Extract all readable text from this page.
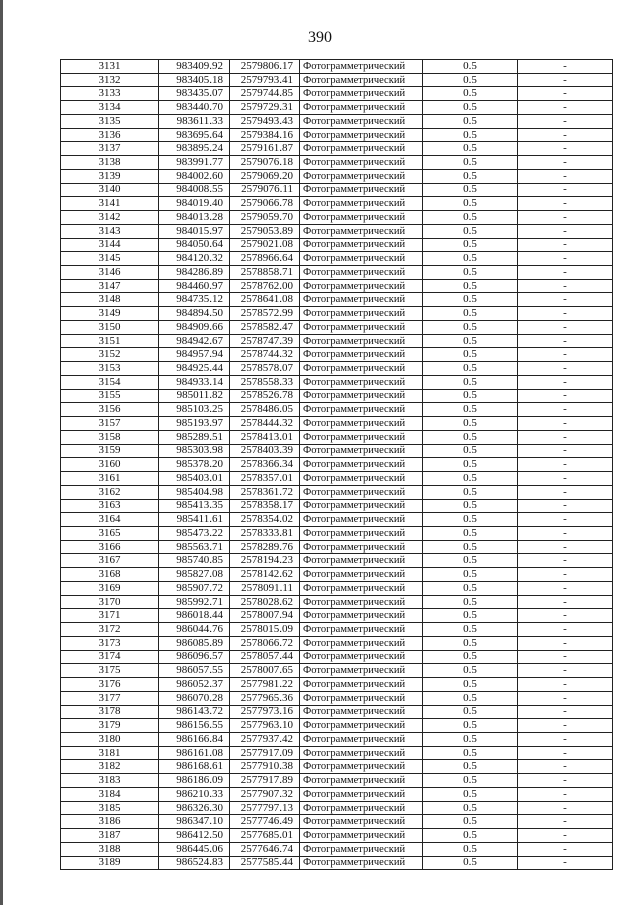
390
3131	983409.92	2579806.17	Фотограмметрический	0.5	-
3132	983405.18	2579793.41	Фотограмметрический	0.5	-
3133	983435.07	2579744.85	Фотограмметрический	0.5	-
3134	983440.70	2579729.31	Фотограмметрический	0.5	-
3135	983611.33	2579493.43	Фотограмметрический	0.5	-
3136	983695.64	2579384.16	Фотограмметрический	0.5	-
3137	983895.24	2579161.87	Фотограмметрический	0.5	-
3138	983991.77	2579076.18	Фотограмметрический	0.5	-
3139	984002.60	2579069.20	Фотограмметрический	0.5	-
3140	984008.55	2579076.11	Фотограмметрический	0.5	-
3141	984019.40	2579066.78	Фотограмметрический	0.5	-
3142	984013.28	2579059.70	Фотограмметрический	0.5	-
3143	984015.97	2579053.89	Фотограмметрический	0.5	-
3144	984050.64	2579021.08	Фотограмметрический	0.5	-
3145	984120.32	2578966.64	Фотограмметрический	0.5	-
3146	984286.89	2578858.71	Фотограмметрический	0.5	-
3147	984460.97	2578762.00	Фотограмметрический	0.5	-
3148	984735.12	2578641.08	Фотограмметрический	0.5	-
3149	984894.50	2578572.99	Фотограмметрический	0.5	-
3150	984909.66	2578582.47	Фотограмметрический	0.5	-
3151	984942.67	2578747.39	Фотограмметрический	0.5	-
3152	984957.94	2578744.32	Фотограмметрический	0.5	-
3153	984925.44	2578578.07	Фотограмметрический	0.5	-
3154	984933.14	2578558.33	Фотограмметрический	0.5	-
3155	985011.82	2578526.78	Фотограмметрический	0.5	-
3156	985103.25	2578486.05	Фотограмметрический	0.5	-
3157	985193.97	2578444.32	Фотограмметрический	0.5	-
3158	985289.51	2578413.01	Фотограмметрический	0.5	-
3159	985303.98	2578403.39	Фотограмметрический	0.5	-
3160	985378.20	2578366.34	Фотограмметрический	0.5	-
3161	985403.01	2578357.01	Фотограмметрический	0.5	-
3162	985404.98	2578361.72	Фотограмметрический	0.5	-
3163	985413.35	2578358.17	Фотограмметрический	0.5	-
3164	985411.61	2578354.02	Фотограмметрический	0.5	-
3165	985473.22	2578333.81	Фотограмметрический	0.5	-
3166	985563.71	2578289.76	Фотограмметрический	0.5	-
3167	985740.85	2578194.23	Фотограмметрический	0.5	-
3168	985827.08	2578142.62	Фотограмметрический	0.5	-
3169	985907.72	2578091.11	Фотограмметрический	0.5	-
3170	985992.71	2578028.62	Фотограмметрический	0.5	-
3171	986018.44	2578007.94	Фотограмметрический	0.5	-
3172	986044.76	2578015.09	Фотограмметрический	0.5	-
3173	986085.89	2578066.72	Фотограмметрический	0.5	-
3174	986096.57	2578057.44	Фотограмметрический	0.5	-
3175	986057.55	2578007.65	Фотограмметрический	0.5	-
3176	986052.37	2577981.22	Фотограмметрический	0.5	-
3177	986070.28	2577965.36	Фотограмметрический	0.5	-
3178	986143.72	2577973.16	Фотограмметрический	0.5	-
3179	986156.55	2577963.10	Фотограмметрический	0.5	-
3180	986166.84	2577937.42	Фотограмметрический	0.5	-
3181	986161.08	2577917.09	Фотограмметрический	0.5	-
3182	986168.61	2577910.38	Фотограмметрический	0.5	-
3183	986186.09	2577917.89	Фотограмметрический	0.5	-
3184	986210.33	2577907.32	Фотограмметрический	0.5	-
3185	986326.30	2577797.13	Фотограмметрический	0.5	-
3186	986347.10	2577746.49	Фотограмметрический	0.5	-
3187	986412.50	2577685.01	Фотограмметрический	0.5	-
3188	986445.06	2577646.74	Фотограмметрический	0.5	-
3189	986524.83	2577585.44	Фотограмметрический	0.5	-
